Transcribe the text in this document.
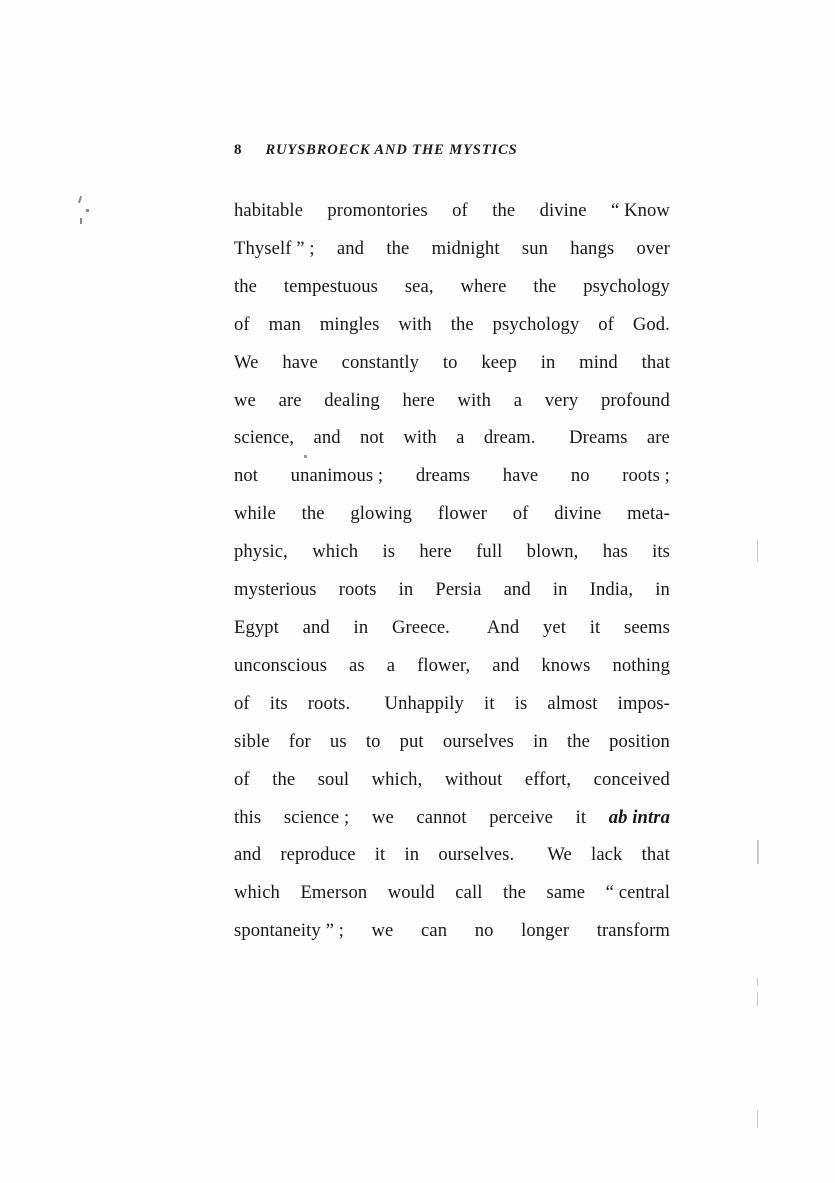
8 RUYSBROECK AND THE MYSTICS
habitable promontories of the divine “ Know
Thyself ” ; and the midnight sun hangs over
the tempestuous sea, where the psychology
of man mingles with the psychology of God.
We have constantly to keep in mind that
we are dealing here with a very profound
science, and not with a dream. Dreams are
not unanimous ; dreams have no roots ;
while the glowing flower of divine meta-
physic, which is here full blown, has its
mysterious roots in Persia and in India, in
Egypt and in Greece. And yet it seems
unconscious as a flower, and knows nothing
of its roots. Unhappily it is almost impos-
sible for us to put ourselves in the position
of the soul which, without effort, conceived
this science ; we cannot perceive it ab intra
and reproduce it in ourselves. We lack that
which Emerson would call the same “ central
spontaneity ” ; we can no longer transform
